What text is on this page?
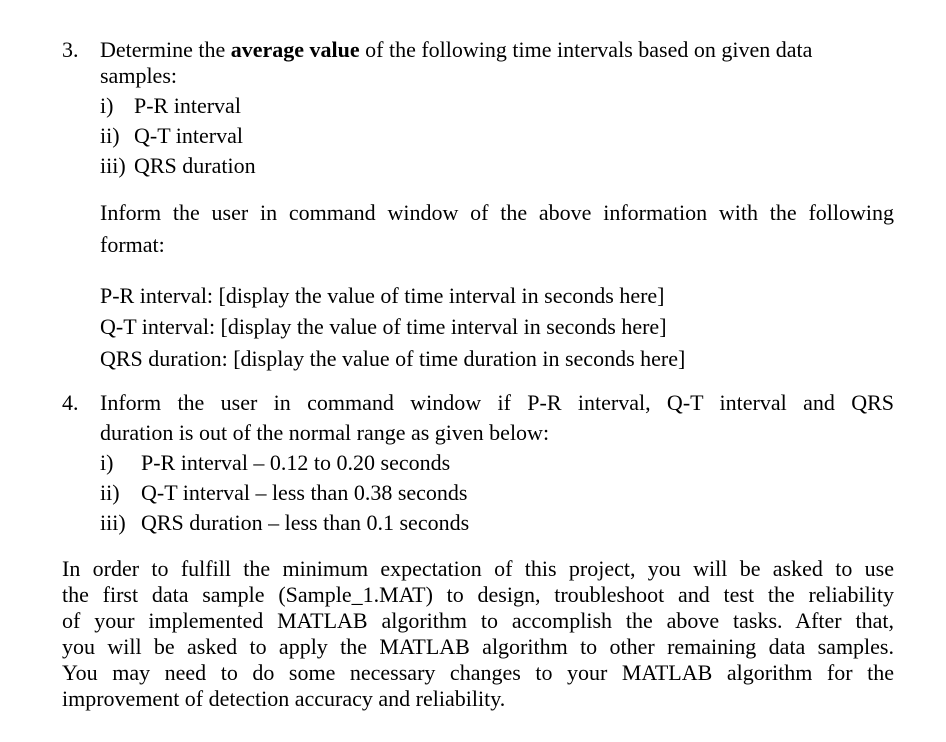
3. Determine the average value of the following time intervals based on given data
samples:
i) P-R interval
ii) Q-T interval
iii) QRS duration
Inform the user in command window of the above information with the following
format:
P-R interval: [display the value of time interval in seconds here]
Q-T interval: [display the value of time interval in seconds here]
QRS duration: [display the value of time duration in seconds here]
4. Inform the user in command window if P-R interval, Q-T interval and QRS
duration is out of the normal range as given below:
i) P-R interval – 0.12 to 0.20 seconds
ii) Q-T interval – less than 0.38 seconds
iii) QRS duration – less than 0.1 seconds
In order to fulfill the minimum expectation of this project, you will be asked to use
the first data sample (Sample_1.MAT) to design, troubleshoot and test the reliability
of your implemented MATLAB algorithm to accomplish the above tasks. After that,
you will be asked to apply the MATLAB algorithm to other remaining data samples.
You may need to do some necessary changes to your MATLAB algorithm for the
improvement of detection accuracy and reliability.
